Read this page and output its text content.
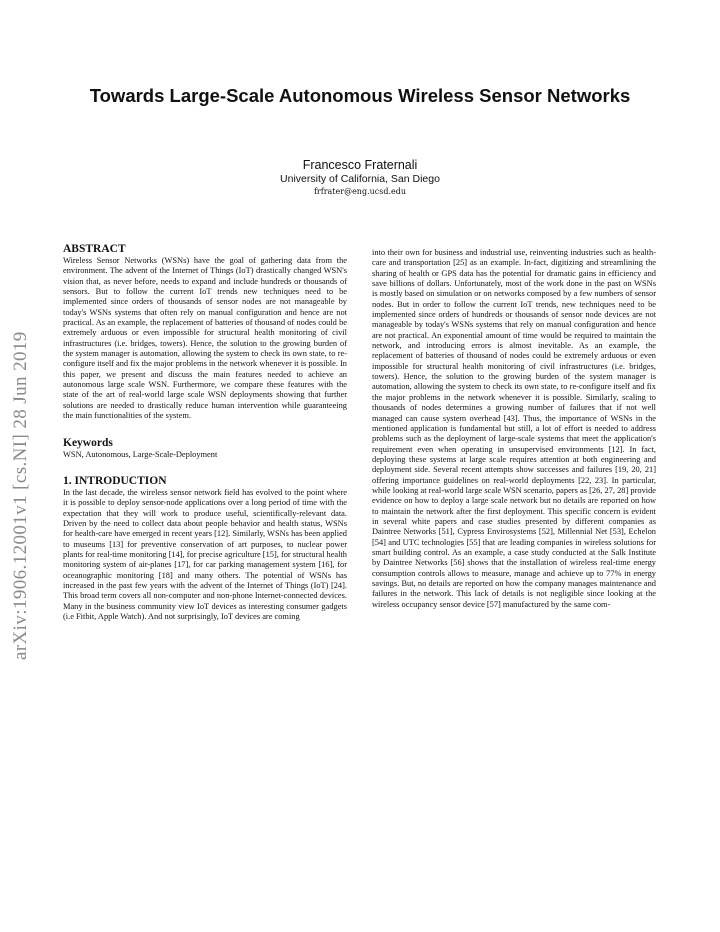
Towards Large-Scale Autonomous Wireless Sensor Networks
Francesco Fraternali
University of California, San Diego
frfrater@eng.ucsd.edu
arXiv:1906.12001v1 [cs.NI] 28 Jun 2019
ABSTRACT

Wireless Sensor Networks (WSNs) have the goal of gathering data from the environment. The advent of the Internet of Things (IoT) drastically changed WSN's vision that, as never before, needs to expand and include hundreds or thousands of sensors. But to follow the current IoT trends new techniques need to be implemented since orders of thousands of sensor nodes are not manageable by today's WSNs systems that often rely on manual configuration and hence are not practical. As an example, the replacement of batteries of thousand of nodes could be extremely arduous or even impossible for structural health monitoring of civil infrastructures (i.e. bridges, towers). Hence, the solution to the growing burden of the system manager is automation, allowing the system to check its own state, to re-configure itself and fix the major problems in the network whenever it is possible. In this paper, we present and discuss the main features needed to achieve an autonomous large scale WSN. Furthermore, we compare these features with the state of the art of real-world large scale WSN deployments showing that further solutions are needed to drastically reduce human intervention while guaranteeing the main functionalities of the system.

Keywords

WSN, Autonomous, Large-Scale-Deployment

1. INTRODUCTION

In the last decade, the wireless sensor network field has evolved to the point where it is possible to deploy sensor-node applications over a long period of time with the expectation that they will work to produce useful, scientifically-relevant data. Driven by the need to collect data about people behavior and health status, WSNs for health-care have emerged in recent years [12]. Similarly, WSNs has been applied to museums [13] for preventive conservation of art purposes, to nuclear power plants for real-time monitoring [14], for precise agriculture [15], for structural health monitoring system of air-planes [17], for car parking management system [16], for oceanographic monitoring [18] and many others. The potential of WSNs has increased in the past few years with the advent of the Internet of Things (IoT) [24]. This broad term covers all non-computer and non-phone Internet-connected devices. Many in the business community view IoT devices as interesting consumer gadgets (i.e Fitbit, Apple Watch). And not surprisingly, IoT devices are coming

into their own for business and industrial use, reinventing industries such as health-care and transportation [25] as an example. In-fact, digitizing and streamlining the sharing of health or GPS data has the potential for dramatic gains in efficiency and save billions of dollars. Unfortunately, most of the work done in the past on WSNs is mostly based on simulation or on networks composed by a few numbers of sensor nodes. But in order to follow the current IoT trends, new techniques need to be implemented since orders of hundreds or thousands of sensor node devices are not manageable by today's WSNs systems that rely on manual configuration and hence are not practical. An exponential amount of time would be required to maintain the network, and introducing errors is almost inevitable. As an example, the replacement of batteries of thousand of nodes could be extremely arduous or even impossible for structural health monitoring of civil infrastructures (i.e. bridges, towers). Hence, the solution to the growing burden of the system manager is automation, allowing the system to check its own state, to re-configure itself and fix the major problems in the network whenever it is possible. Similarly, scaling to thousands of nodes determines a growing number of failures that if not well managed can cause system overhead [43]. Thus, the importance of WSNs in the mentioned application is fundamental but still, a lot of effort is needed to address problems such as the deployment of large-scale systems that meet the application's requirement even when operating in unsupervised environments [12]. In fact, deploying these systems at large scale requires attention at both engineering and deployment side. Several recent attempts show successes and failures [19, 20, 21] offering importance guidelines on real-world deployments [22, 23]. In particular, while looking at real-world large scale WSN scenario, papers as [26, 27, 28] provide evidence on how to deploy a large scale network but no details are reported on how to maintain the network after the first deployment. This specific concern is evident in several white papers and case studies presented by different companies as Daintree Networks [51], Cypress Envirosystems [52], Millennial Net [53], Echelon [54] and UTC technologies [55] that are leading companies in wireless solutions for smart building control. As an example, a case study conducted at the Salk Institute by Daintree Networks [56] shows that the installation of wireless real-time energy consumption controls allows to measure, manage and achieve up to 77% in energy savings. But, no details are reported on how the company manages maintenance and failures in the network. This lack of details is not negligible since looking at the wireless occupancy sensor device [57] manufactured by the same com-
